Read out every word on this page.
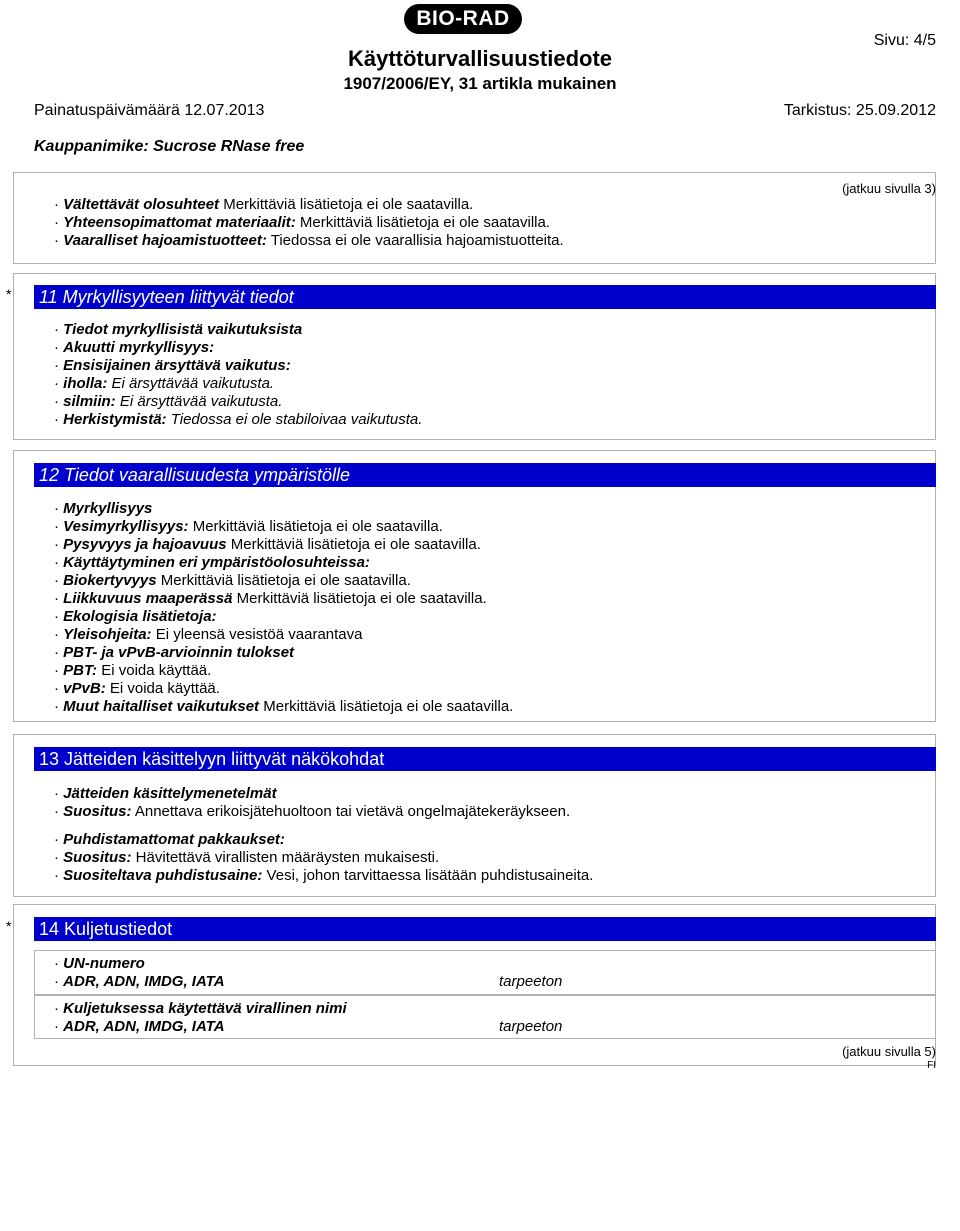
BIO-RAD
Käyttöturvallisuustiedote
1907/2006/EY, 31 artikla mukainen
Sivu: 4/5
Painatuspäivämäärä 12.07.2013	Tarkistus: 25.09.2012
Kauppanimike: Sucrose RNase free
(jatkuu sivulla 3)
· Vältettävät olosuhteet Merkittäviä lisätietoja ei ole saatavilla.
· Yhteensopimattomat materiaalit: Merkittäviä lisätietoja ei ole saatavilla.
· Vaaralliset hajoamistuotteet: Tiedossa ei ole vaarallisia hajoamistuotteita.
* 11 Myrkyllisyyteen liittyvät tiedot
· Tiedot myrkyllisistä vaikutuksista
· Akuutti myrkyllisyys:
· Ensisijainen ärsyttävä vaikutus:
· iholla: Ei ärsyttävää vaikutusta.
· silmiin: Ei ärsyttävää vaikutusta.
· Herkistymistä: Tiedossa ei ole stabiloivaa vaikutusta.
12 Tiedot vaarallisuudesta ympäristölle
· Myrkyllisyys
· Vesimyrkyllisyys: Merkittäviä lisätietoja ei ole saatavilla.
· Pysyvyys ja hajoavuus Merkittäviä lisätietoja ei ole saatavilla.
· Käyttäytyminen eri ympäristöolosuhteissa:
· Biokertyvyys Merkittäviä lisätietoja ei ole saatavilla.
· Liikkuvuus maaperässä Merkittäviä lisätietoja ei ole saatavilla.
· Ekologisia lisätietoja:
· Yleisohjeita: Ei yleensä vesistöä vaarantava
· PBT- ja vPvB-arvioinnin tulokset
· PBT: Ei voida käyttää.
· vPvB: Ei voida käyttää.
· Muut haitalliset vaikutukset Merkittäviä lisätietoja ei ole saatavilla.
13 Jätteiden käsittelyyn liittyvät näkökohdat
· Jätteiden käsittelymenetelmät
· Suositus: Annettava erikoisjätehuoltoon tai vietävä ongelmajätekeräykseen.
· Puhdistamattomat pakkaukset:
· Suositus: Hävitettävä virallisten määräysten mukaisesti.
· Suositeltava puhdistusaine: Vesi, johon tarvittaessa lisätään puhdistusaineita.
* 14 Kuljetustiedot
· UN-numero
· ADR, ADN, IMDG, IATA	tarpeeton
· Kuljetuksessa käytettävä virallinen nimi
· ADR, ADN, IMDG, IATA	tarpeeton
(jatkuu sivulla 5)
FI
